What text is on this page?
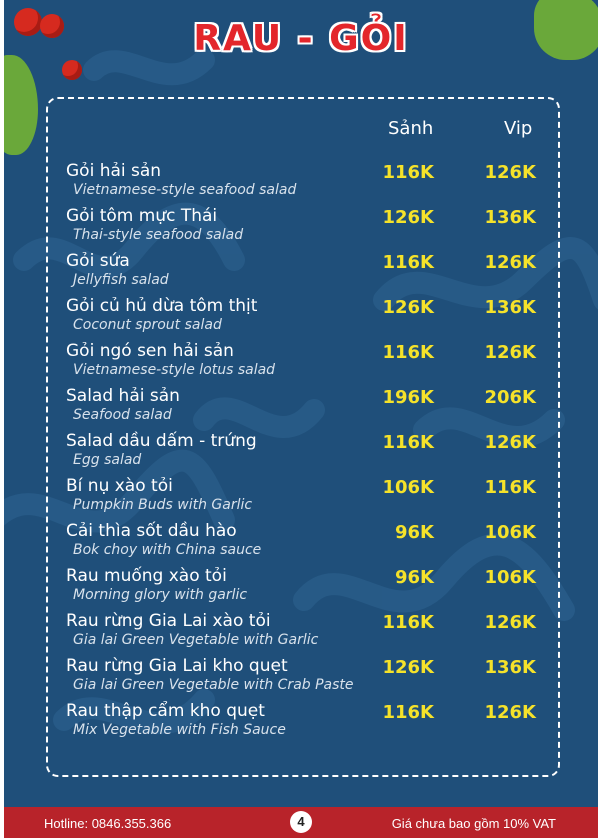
RAU - GỎI
Sảnh	Vip
Gỏi hải sản
Vietnamese-style seafood salad
116K	126K
Gỏi tôm mực Thái
Thai-style seafood salad
126K	136K
Gỏi sứa
Jellyfish salad
116K	126K
Gỏi củ hủ dừa tôm thịt
Coconut sprout salad
126K	136K
Gỏi ngó sen hải sản
Vietnamese-style lotus salad
116K	126K
Salad hải sản
Seafood salad
196K	206K
Salad dầu dấm - trứng
Egg salad
116K	126K
Bí nụ xào tỏi
Pumpkin Buds with Garlic
106K	116K
Cải thìa sốt dầu hào
Bok choy with China sauce
96K	106K
Rau muống xào tỏi
Morning glory with garlic
96K	106K
Rau rừng Gia Lai xào tỏi
Gia lai Green Vegetable with Garlic
116K	126K
Rau rừng Gia Lai kho quẹt
Gia lai Green Vegetable with Crab Paste
126K	136K
Rau thập cẩm kho quẹt
Mix Vegetable with Fish Sauce
116K	126K
Hotline: 0846.355.366	4	Giá chưa bao gồm 10% VAT
